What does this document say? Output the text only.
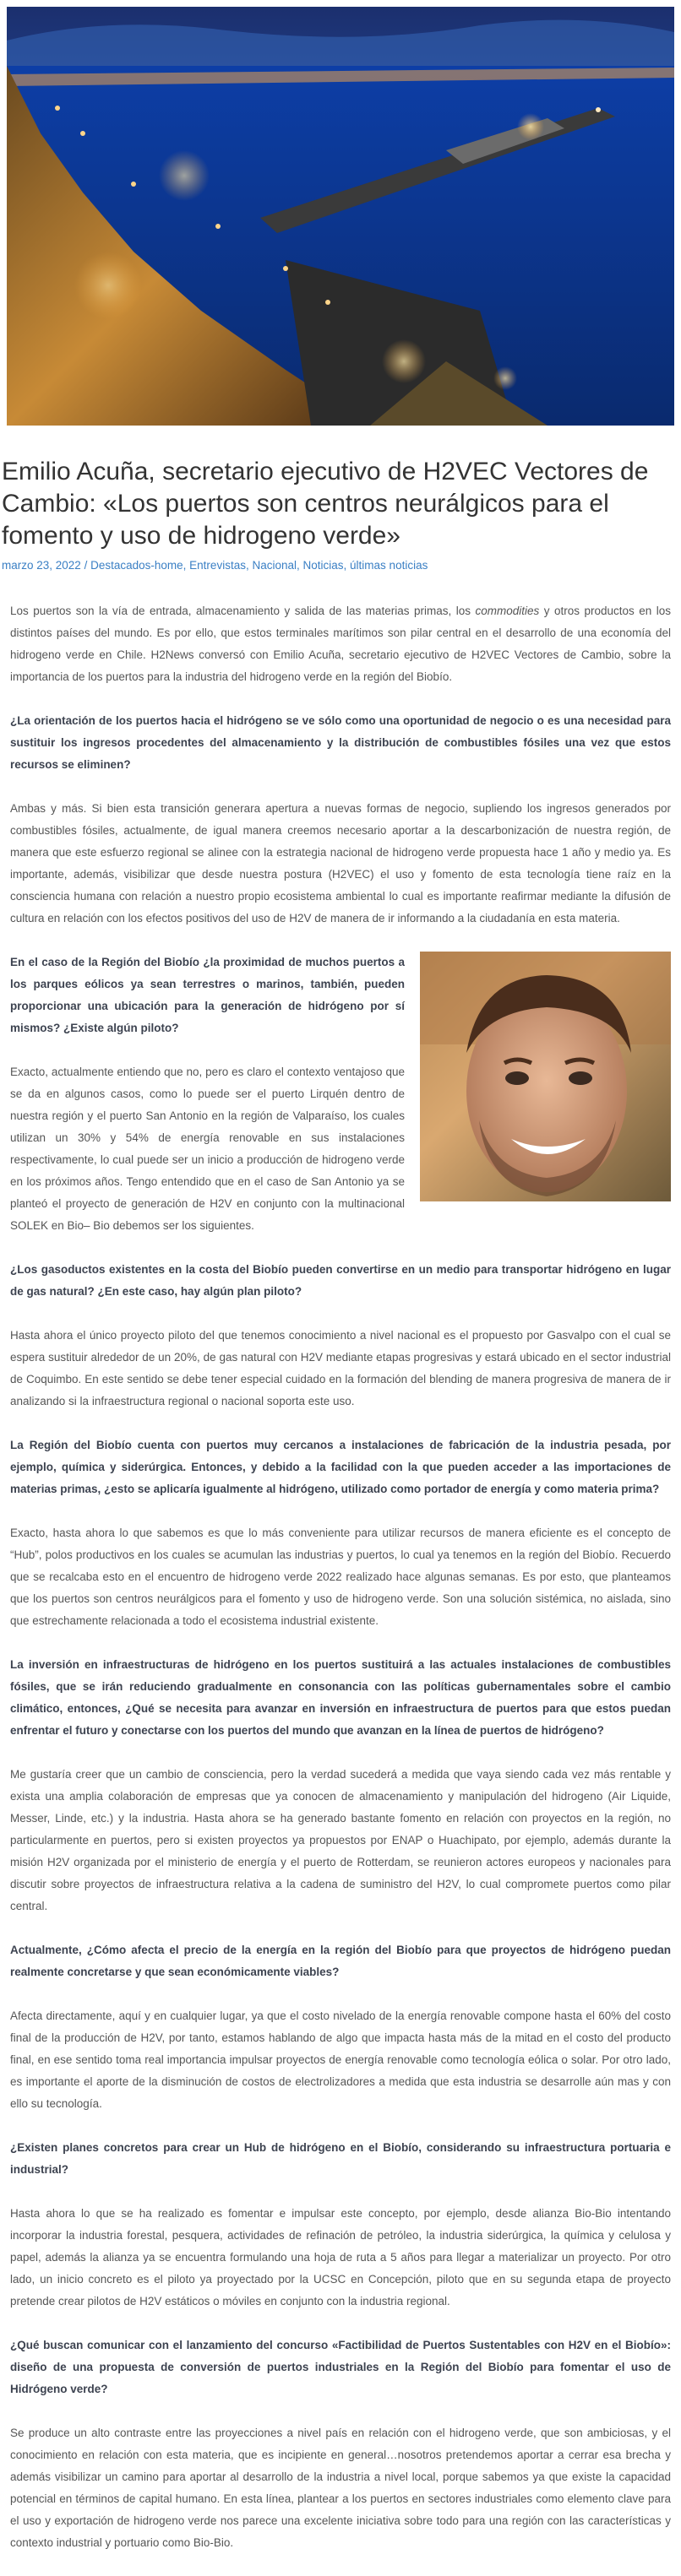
Emilio Acuña, secretario ejecutivo de H2VEC Vectores de Cambio: «Los puertos son centros neurálgicos para el fomento y uso de hidrogeno verde»
marzo 23, 2022 / Destacados-home, Entrevistas, Nacional, Noticias, últimas noticias

Los puertos son la vía de entrada, almacenamiento y salida de las materias primas, los commodities y otros productos en los distintos países del mundo. Es por ello, que estos terminales marítimos son pilar central en el desarrollo de una economía del hidrogeno verde en Chile. H2News conversó con Emilio Acuña, secretario ejecutivo de H2VEC Vectores de Cambio, sobre la importancia de los puertos para la industria del hidrogeno verde en la región del Biobío.

¿La orientación de los puertos hacia el hidrógeno se ve sólo como una oportunidad de negocio o es una necesidad para sustituir los ingresos procedentes del almacenamiento y la distribución de combustibles fósiles una vez que estos recursos se eliminen?

Ambas y más. Si bien esta transición generara apertura a nuevas formas de negocio, supliendo los ingresos generados por combustibles fósiles, actualmente, de igual manera creemos necesario aportar a la descarbonización de nuestra región, de manera que este esfuerzo regional se alinee con la estrategia nacional de hidrogeno verde propuesta hace 1 año y medio ya. Es importante, además, visibilizar que desde nuestra postura (H2VEC) el uso y fomento de esta tecnología tiene raíz en la consciencia humana con relación a nuestro propio ecosistema ambiental lo cual es importante reafirmar mediante la difusión de cultura en relación con los efectos positivos del uso de H2V de manera de ir informando a la ciudadanía en esta materia.

En el caso de la Región del Biobío ¿la proximidad de muchos puertos a los parques eólicos ya sean terrestres o marinos, también, pueden proporcionar una ubicación para la generación de hidrógeno por sí mismos? ¿Existe algún piloto?

Exacto, actualmente entiendo que no, pero es claro el contexto ventajoso que se da en algunos casos, como lo puede ser el puerto Lirquén dentro de nuestra región y el puerto San Antonio en la región de Valparaíso, los cuales utilizan un 30% y 54% de energía renovable en sus instalaciones respectivamente, lo cual puede ser un inicio a producción de hidrogeno verde en los próximos años. Tengo entendido que en el caso de San Antonio ya se planteó el proyecto de generación de H2V en conjunto con la multinacional SOLEK en Bio– Bio debemos ser los siguientes.

¿Los gasoductos existentes en la costa del Biobío pueden convertirse en un medio para transportar hidrógeno en lugar de gas natural? ¿En este caso, hay algún plan piloto?

Hasta ahora el único proyecto piloto del que tenemos conocimiento a nivel nacional es el propuesto por Gasvalpo con el cual se espera sustituir alrededor de un 20%, de gas natural con H2V mediante etapas progresivas y estará ubicado en el sector industrial de Coquimbo. En este sentido se debe tener especial cuidado en la formación del blending de manera progresiva de manera de ir analizando si la infraestructura regional o nacional soporta este uso.

La Región del Biobío cuenta con puertos muy cercanos a instalaciones de fabricación de la industria pesada, por ejemplo, química y siderúrgica. Entonces, y debido a la facilidad con la que pueden acceder a las importaciones de materias primas, ¿esto se aplicaría igualmente al hidrógeno, utilizado como portador de energía y como materia prima?

Exacto, hasta ahora lo que sabemos es que lo más conveniente para utilizar recursos de manera eficiente es el concepto de “Hub”, polos productivos en los cuales se acumulan las industrias y puertos, lo cual ya tenemos en la región del Biobío. Recuerdo que se recalcaba esto en el encuentro de hidrogeno verde 2022 realizado hace algunas semanas. Es por esto, que planteamos que los puertos son centros neurálgicos para el fomento y uso de hidrogeno verde. Son una solución sistémica, no aislada, sino que estrechamente relacionada a todo el ecosistema industrial existente.

La inversión en infraestructuras de hidrógeno en los puertos sustituirá a las actuales instalaciones de combustibles fósiles, que se irán reduciendo gradualmente en consonancia con las políticas gubernamentales sobre el cambio climático, entonces, ¿Qué se necesita para avanzar en inversión en infraestructura de puertos para que estos puedan enfrentar el futuro y conectarse con los puertos del mundo que avanzan en la línea de puertos de hidrógeno?

Me gustaría creer que un cambio de consciencia, pero la verdad sucederá a medida que vaya siendo cada vez más rentable y exista una amplia colaboración de empresas que ya conocen de almacenamiento y manipulación del hidrogeno (Air Liquide, Messer, Linde, etc.) y la industria. Hasta ahora se ha generado bastante fomento en relación con proyectos en la región, no particularmente en puertos, pero si existen proyectos ya propuestos por ENAP o Huachipato, por ejemplo, además durante la misión H2V organizada por el ministerio de energía y el puerto de Rotterdam, se reunieron actores europeos y nacionales para discutir sobre proyectos de infraestructura relativa a la cadena de suministro del H2V, lo cual compromete puertos como pilar central.

Actualmente, ¿Cómo afecta el precio de la energía en la región del Biobío para que proyectos de hidrógeno puedan realmente concretarse y que sean económicamente viables?

Afecta directamente, aquí y en cualquier lugar, ya que el costo nivelado de la energía renovable compone hasta el 60% del costo final de la producción de H2V, por tanto, estamos hablando de algo que impacta hasta más de la mitad en el costo del producto final, en ese sentido toma real importancia impulsar proyectos de energía renovable como tecnología eólica o solar. Por otro lado, es importante el aporte de la disminución de costos de electrolizadores a medida que esta industria se desarrolle aún mas y con ello su tecnología.

¿Existen planes concretos para crear un Hub de hidrógeno en el Biobío, considerando su infraestructura portuaria e industrial?

Hasta ahora lo que se ha realizado es fomentar e impulsar este concepto, por ejemplo, desde alianza Bio-Bio intentando incorporar la industria forestal, pesquera, actividades de refinación de petróleo, la industria siderúrgica, la química y celulosa y papel, además la alianza ya se encuentra formulando una hoja de ruta a 5 años para llegar a materializar un proyecto. Por otro lado, un inicio concreto es el piloto ya proyectado por la UCSC en Concepción, piloto que en su segunda etapa de proyecto pretende crear pilotos de H2V estáticos o móviles en conjunto con la industria regional.

¿Qué buscan comunicar con el lanzamiento del concurso «Factibilidad de Puertos Sustentables con H2V en el Biobío»: diseño de una propuesta de conversión de puertos industriales en la Región del Biobío para fomentar el uso de Hidrógeno verde?

Se produce un alto contraste entre las proyecciones a nivel país en relación con el hidrogeno verde, que son ambiciosas, y el conocimiento en relación con esta materia, que es incipiente en general…nosotros pretendemos aportar a cerrar esa brecha y además visibilizar un camino para aportar al desarrollo de la industria a nivel local, porque sabemos ya que existe la capacidad potencial en términos de capital humano. En esta línea, plantear a los puertos en sectores industriales como elemento clave para el uso y exportación de hidrogeno verde nos parece una excelente iniciativa sobre todo para una región con las características y contexto industrial y portuario como Bio-Bio.
